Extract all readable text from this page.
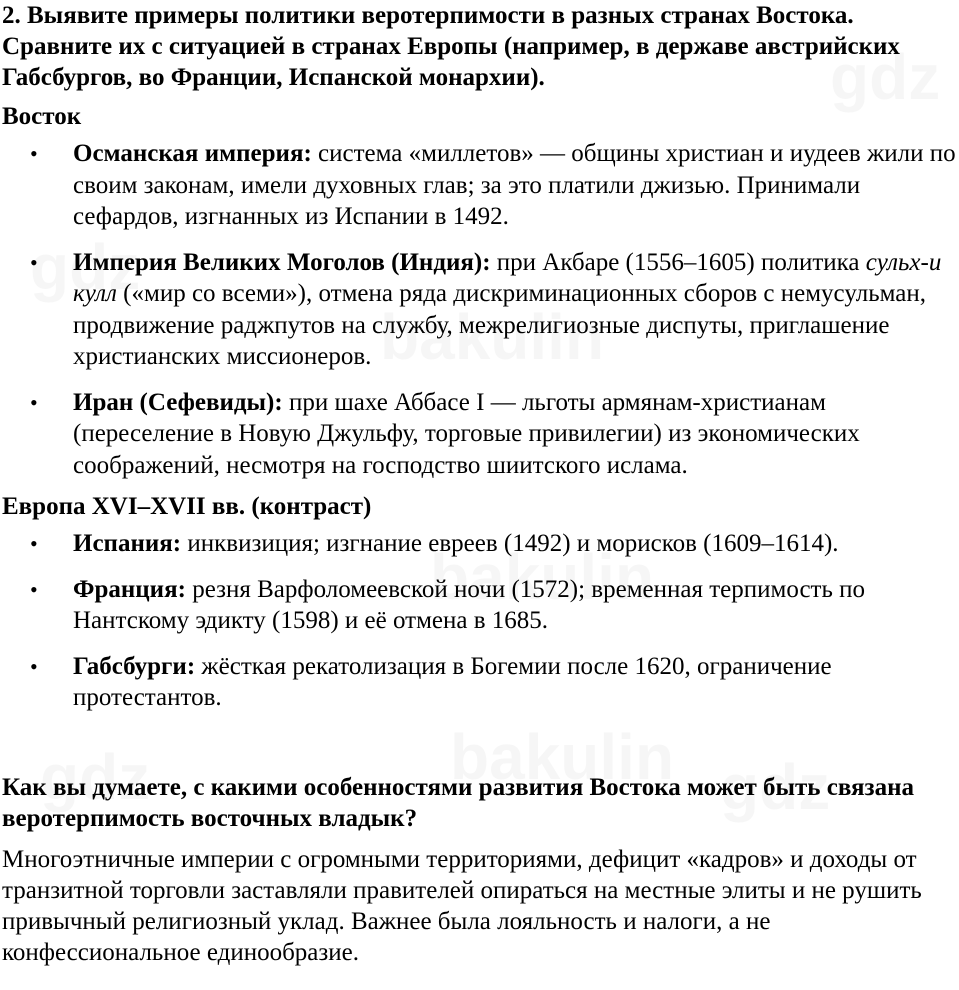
2. Выявите примеры политики веротерпимости в разных странах Востока. Сравните их с ситуацией в странах Европы (например, в державе австрийских Габсбургов, во Франции, Испанской монархии).

Восток
• Османская империя: система «миллетов» — общины христиан и иудеев жили по своим законам, имели духовных глав; за это платили джизью. Принимали сефардов, изгнанных из Испании в 1492.
• Империя Великих Моголов (Индия): при Акбаре (1556–1605) политика сульх-и кулл («мир со всеми»), отмена ряда дискриминационных сборов с немусульман, продвижение раджпутов на службу, межрелигиозные диспуты, приглашение христианских миссионеров.
• Иран (Сефевиды): при шахе Аббасе I — льготы армянам-христианам (переселение в Новую Джульфу, торговые привилегии) из экономических соображений, несмотря на господство шиитского ислама.
Европа XVI–XVII вв. (контраст)
• Испания: инквизиция; изгнание евреев (1492) и морисков (1609–1614).
• Франция: резня Варфоломеевской ночи (1572); временная терпимость по Нантскому эдикту (1598) и её отмена в 1685.
• Габсбурги: жёсткая рекатолизация в Богемии после 1620, ограничение протестантов.

Как вы думаете, с какими особенностями развития Востока может быть связана веротерпимость восточных владык?

Многоэтничные империи с огромными территориями, дефицит «кадров» и доходы от транзитной торговли заставляли правителей опираться на местные элиты и не рушить привычный религиозный уклад. Важнее была лояльность и налоги, а не конфессиональное единообразие.
